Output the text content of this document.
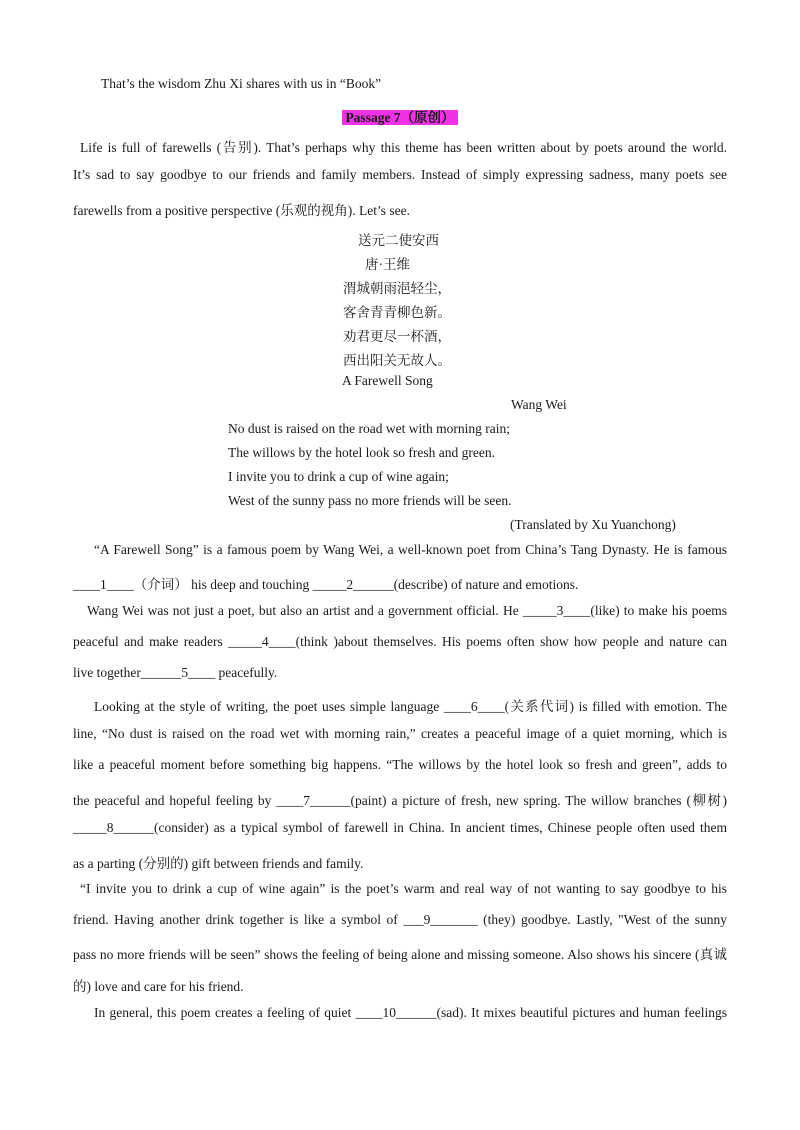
That’s the wisdom Zhu Xi shares with us in “Book”
Passage 7（原创）
Life is full of farewells (告别). That’s perhaps why this theme has been written about by poets around the world.
It’s sad to say goodbye to our friends and family members. Instead of simply expressing sadness, many poets see
farewells from a positive perspective (乐观的视角). Let’s see.
送元二使安西
唐·王维
渭城朝雨浥轻尘，
客舍青青柳色新。
劝君更尽一杯酒，
西出阳关无故人。
A Farewell Song
Wang Wei
No dust is raised on the road wet with morning rain;
The willows by the hotel look so fresh and green.
I invite you to drink a cup of wine again;
West of the sunny pass no more friends will be seen.
(Translated by Xu Yuanchong)
“A Farewell Song” is a famous poem by Wang Wei, a well-known poet from China’s Tang Dynasty. He is famous
____1____（介词） his deep and touching _____2______(describe) of nature and emotions.
Wang Wei was not just a poet, but also an artist and a government official. He _____3____(like) to make his poems
peaceful and make readers _____4____(think )about themselves. His poems often show how people and nature can
live together______5____ peacefully.
Looking at the style of writing, the poet uses simple language ____6____(关系代词) is filled with emotion. The
line, “No dust is raised on the road wet with morning rain,” creates a peaceful image of a quiet morning, which is
like a peaceful moment before something big happens. “The willows by the hotel look so fresh and green”, adds to
the peaceful and hopeful feeling by ____7______(paint) a picture of fresh, new spring. The willow branches (柳树)
_____8______(consider) as a typical symbol of farewell in China. In ancient times, Chinese people often used them
as a parting (分别的) gift between friends and family.
“I invite you to drink a cup of wine again” is the poet’s warm and real way of not wanting to say goodbye to his
friend. Having another drink together is like a symbol of ___9_______ (they) goodbye. Lastly, "West of the sunny
pass no more friends will be seen” shows the feeling of being alone and missing someone. Also shows his sincere (真诚
的) love and care for his friend.
In general, this poem creates a feeling of quiet ____10______(sad). It mixes beautiful pictures and human feelings
